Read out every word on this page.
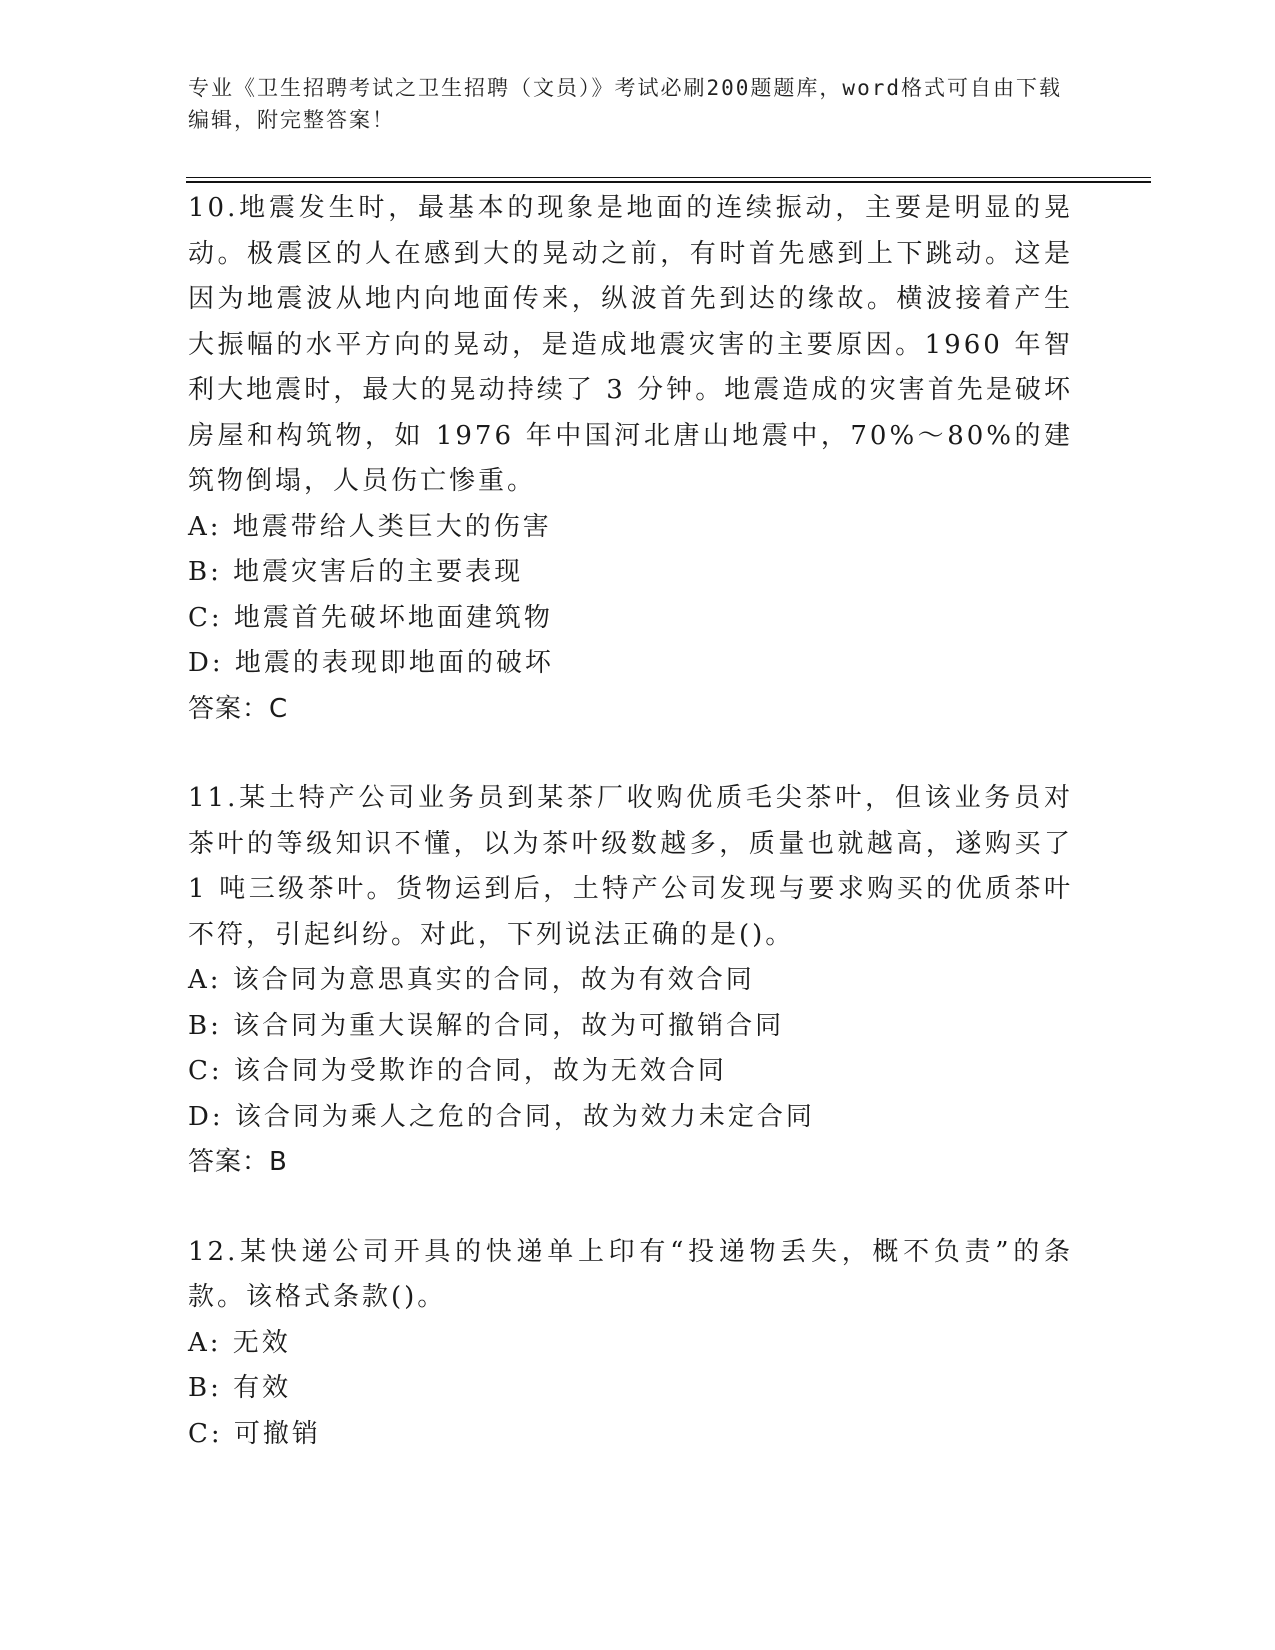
专业《卫生招聘考试之卫生招聘（文员）》考试必刷200题题库，word格式可自由下载编辑，附完整答案！

10.地震发生时，最基本的现象是地面的连续振动，主要是明显的晃动。极震区的人在感到大的晃动之前，有时首先感到上下跳动。这是因为地震波从地内向地面传来，纵波首先到达的缘故。横波接着产生大振幅的水平方向的晃动，是造成地震灾害的主要原因。1960 年智利大地震时，最大的晃动持续了 3 分钟。地震造成的灾害首先是破坏房屋和构筑物，如 1976 年中国河北唐山地震中，70%～80%的建筑物倒塌，人员伤亡惨重。

A: 地震带给人类巨大的伤害

B: 地震灾害后的主要表现

C: 地震首先破坏地面建筑物

D: 地震的表现即地面的破坏

答案：C

11.某土特产公司业务员到某茶厂收购优质毛尖茶叶，但该业务员对茶叶的等级知识不懂，以为茶叶级数越多，质量也就越高，遂购买了 1 吨三级茶叶。货物运到后，土特产公司发现与要求购买的优质茶叶不符，引起纠纷。对此，下列说法正确的是()。

A: 该合同为意思真实的合同，故为有效合同

B: 该合同为重大误解的合同，故为可撤销合同

C: 该合同为受欺诈的合同，故为无效合同

D: 该合同为乘人之危的合同，故为效力未定合同

答案：B

12.某快递公司开具的快递单上印有“投递物丢失，概不负责”的条款。该格式条款()。

A: 无效

B: 有效

C: 可撤销
